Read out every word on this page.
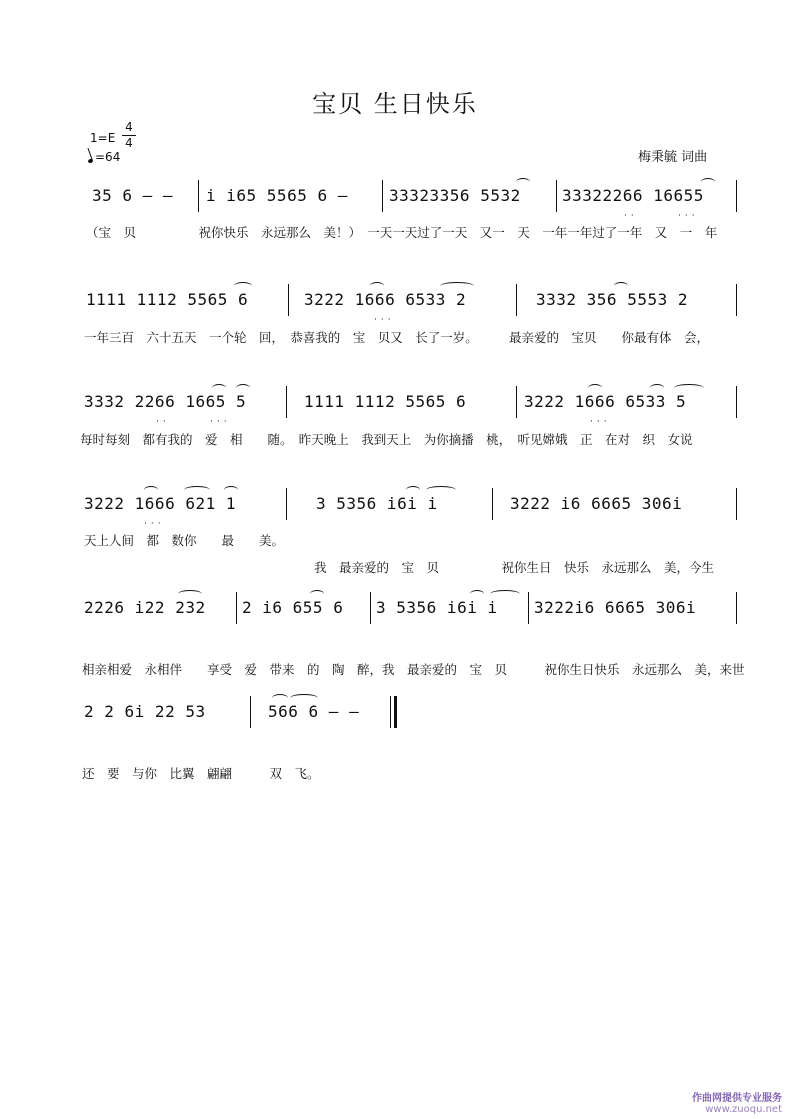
宝贝 生日快乐
1=E
4
4
=64	梅秉毓 词曲
35 6 – – i i65 5565 6 –	33323356 5532	33322266 16655
··	···
（宝　贝　　　　　祝你快乐　永远那么　美！）　一天一天过了一天　又一　天　一年一年过了一年　又　一　年
1111 1112 5565 6	3222 1666 6533 2	3332 356 5553 2
···
一年三百　六十五天　一个轮　回，　恭喜我的　宝　贝又　长了一岁。　　　最亲爱的　宝贝　　你最有体　会，
3332 2266 1665 5	1111 1112 5565 6	3222 1666 6533 5
··	···	···
每时每刻　都有我的　爱　相　　随。　昨天晚上　我到天上　为你摘播　桃，　听见嫦娥　正　在对　织　女说
3222 1666 621 1	3 5356 i6i i	3222 i6 6665 306i
···
天上人间　都　数你　　最　　美。
我　最亲爱的　宝　贝　　　　　祝你生日　快乐　永远那么　美，今生
2226 i22 232 2 i6 655 6 3 5356 i6i i 3222i6 6665 306i
相亲相爱　永相伴　　享受　爱　带来　的　陶　醉，我　最亲爱的　宝　贝　　　祝你生日快乐　永远那么　美，来世
2 2 6i 22 53	566 6 – –
还　要　与你　比翼　翩翩　　　双　飞。
作曲网提供专业服务
www.zuoqu.net
